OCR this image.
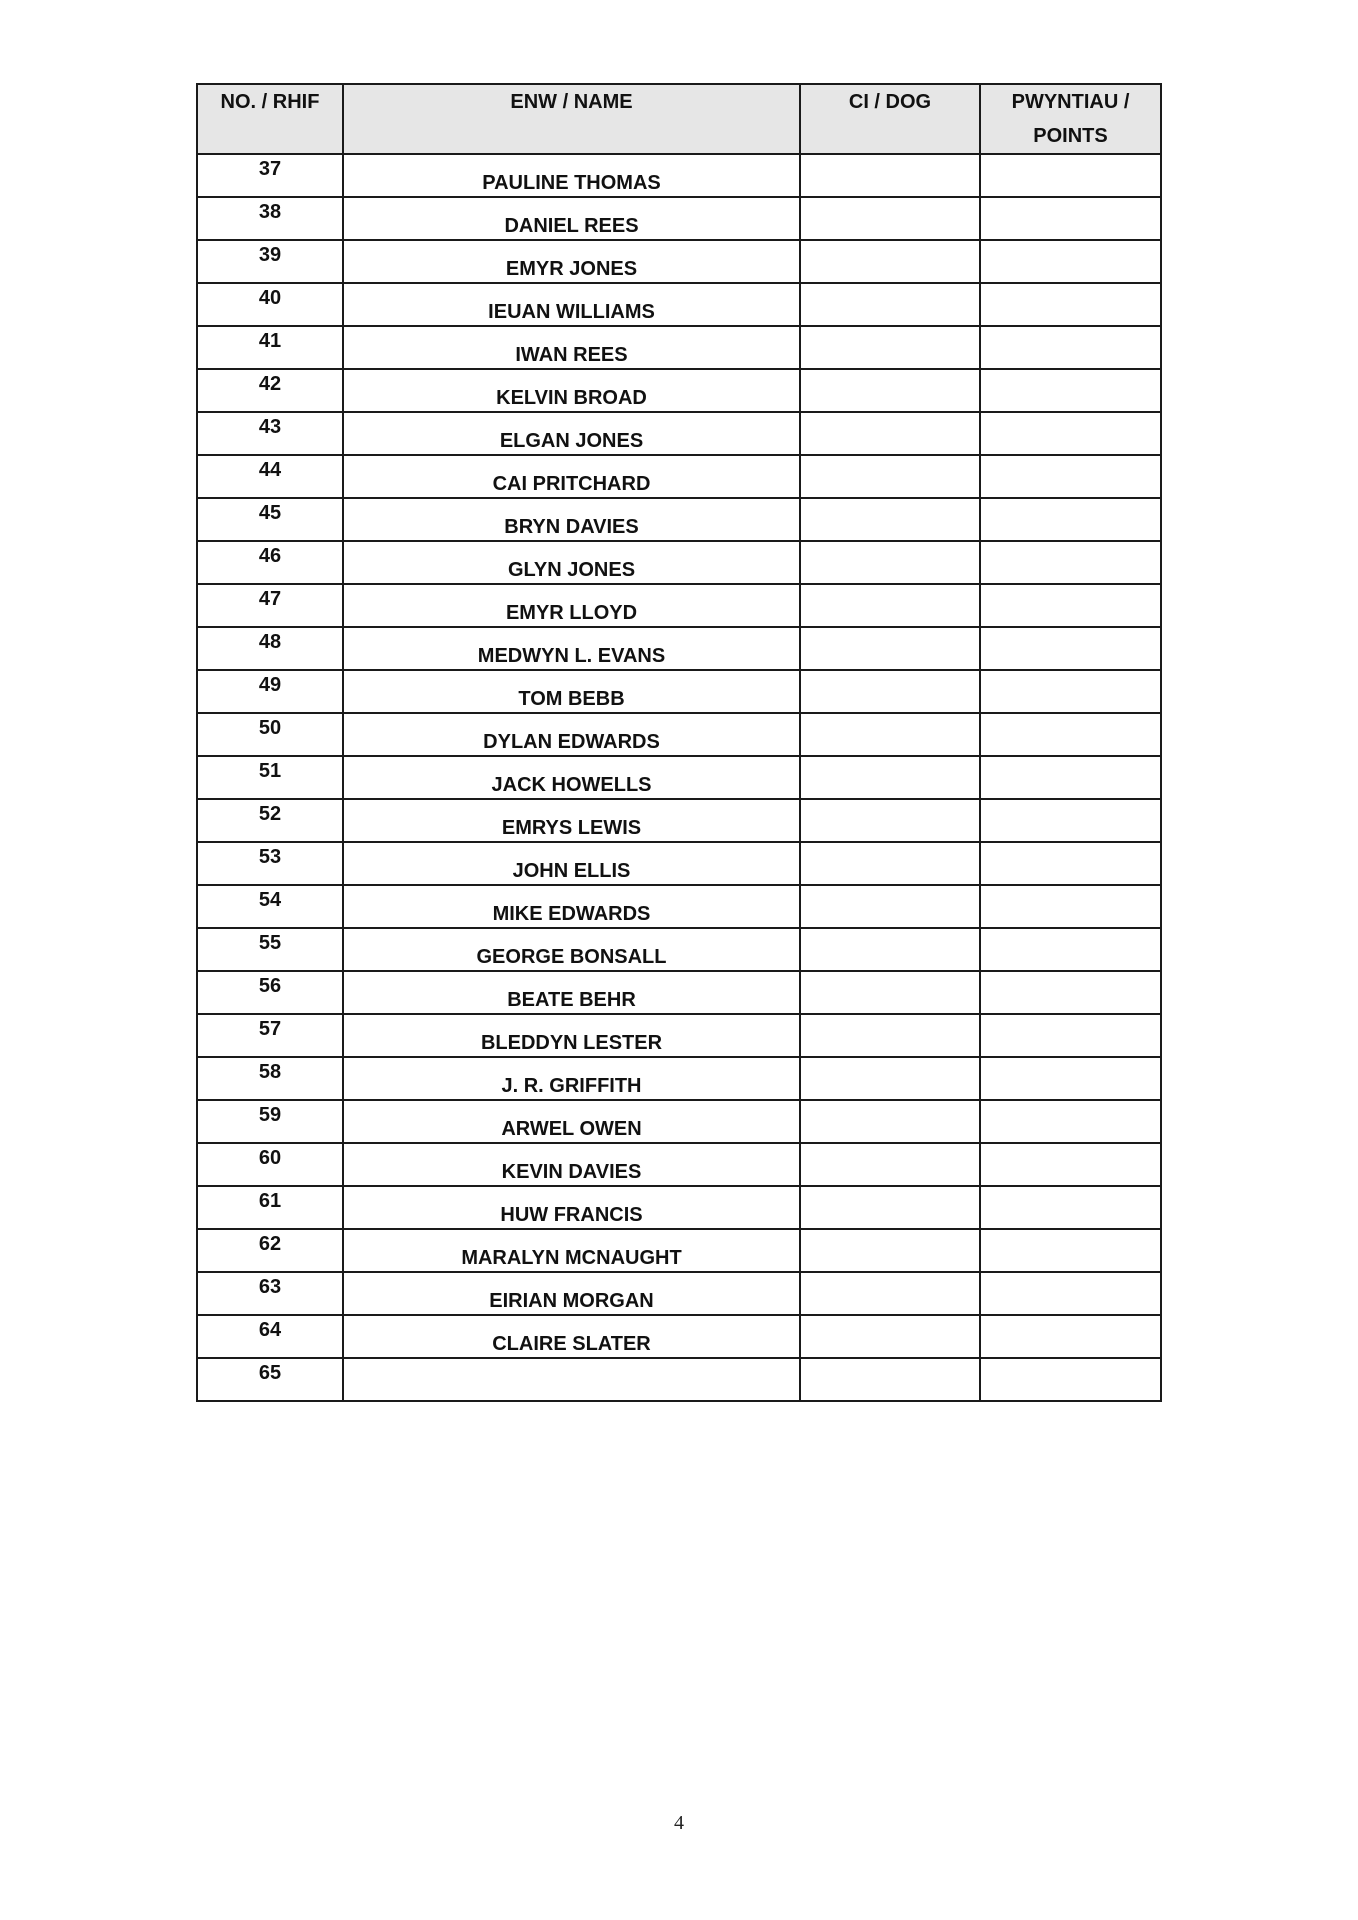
NO. / RHIF	ENW / NAME	CI / DOG	PWYNTIAU / POINTS

37	PAULINE THOMAS		

38	DANIEL REES		

39	EMYR JONES		

40	IEUAN WILLIAMS		

41	IWAN REES		

42	KELVIN BROAD		

43	ELGAN JONES		

44	CAI PRITCHARD		

45	BRYN DAVIES		

46	GLYN JONES		

47	EMYR LLOYD		

48	MEDWYN L. EVANS		

49	TOM BEBB		

50	DYLAN EDWARDS		

51	JACK HOWELLS		

52	EMRYS LEWIS		

53	JOHN ELLIS		

54	MIKE EDWARDS		

55	GEORGE BONSALL		

56	BEATE BEHR		

57	BLEDDYN LESTER		

58	J. R. GRIFFITH		

59	ARWEL OWEN		

60	KEVIN DAVIES		

61	HUW FRANCIS		

62	MARALYN MCNAUGHT		

63	EIRIAN MORGAN		

64	CLAIRE SLATER		

65			

4
